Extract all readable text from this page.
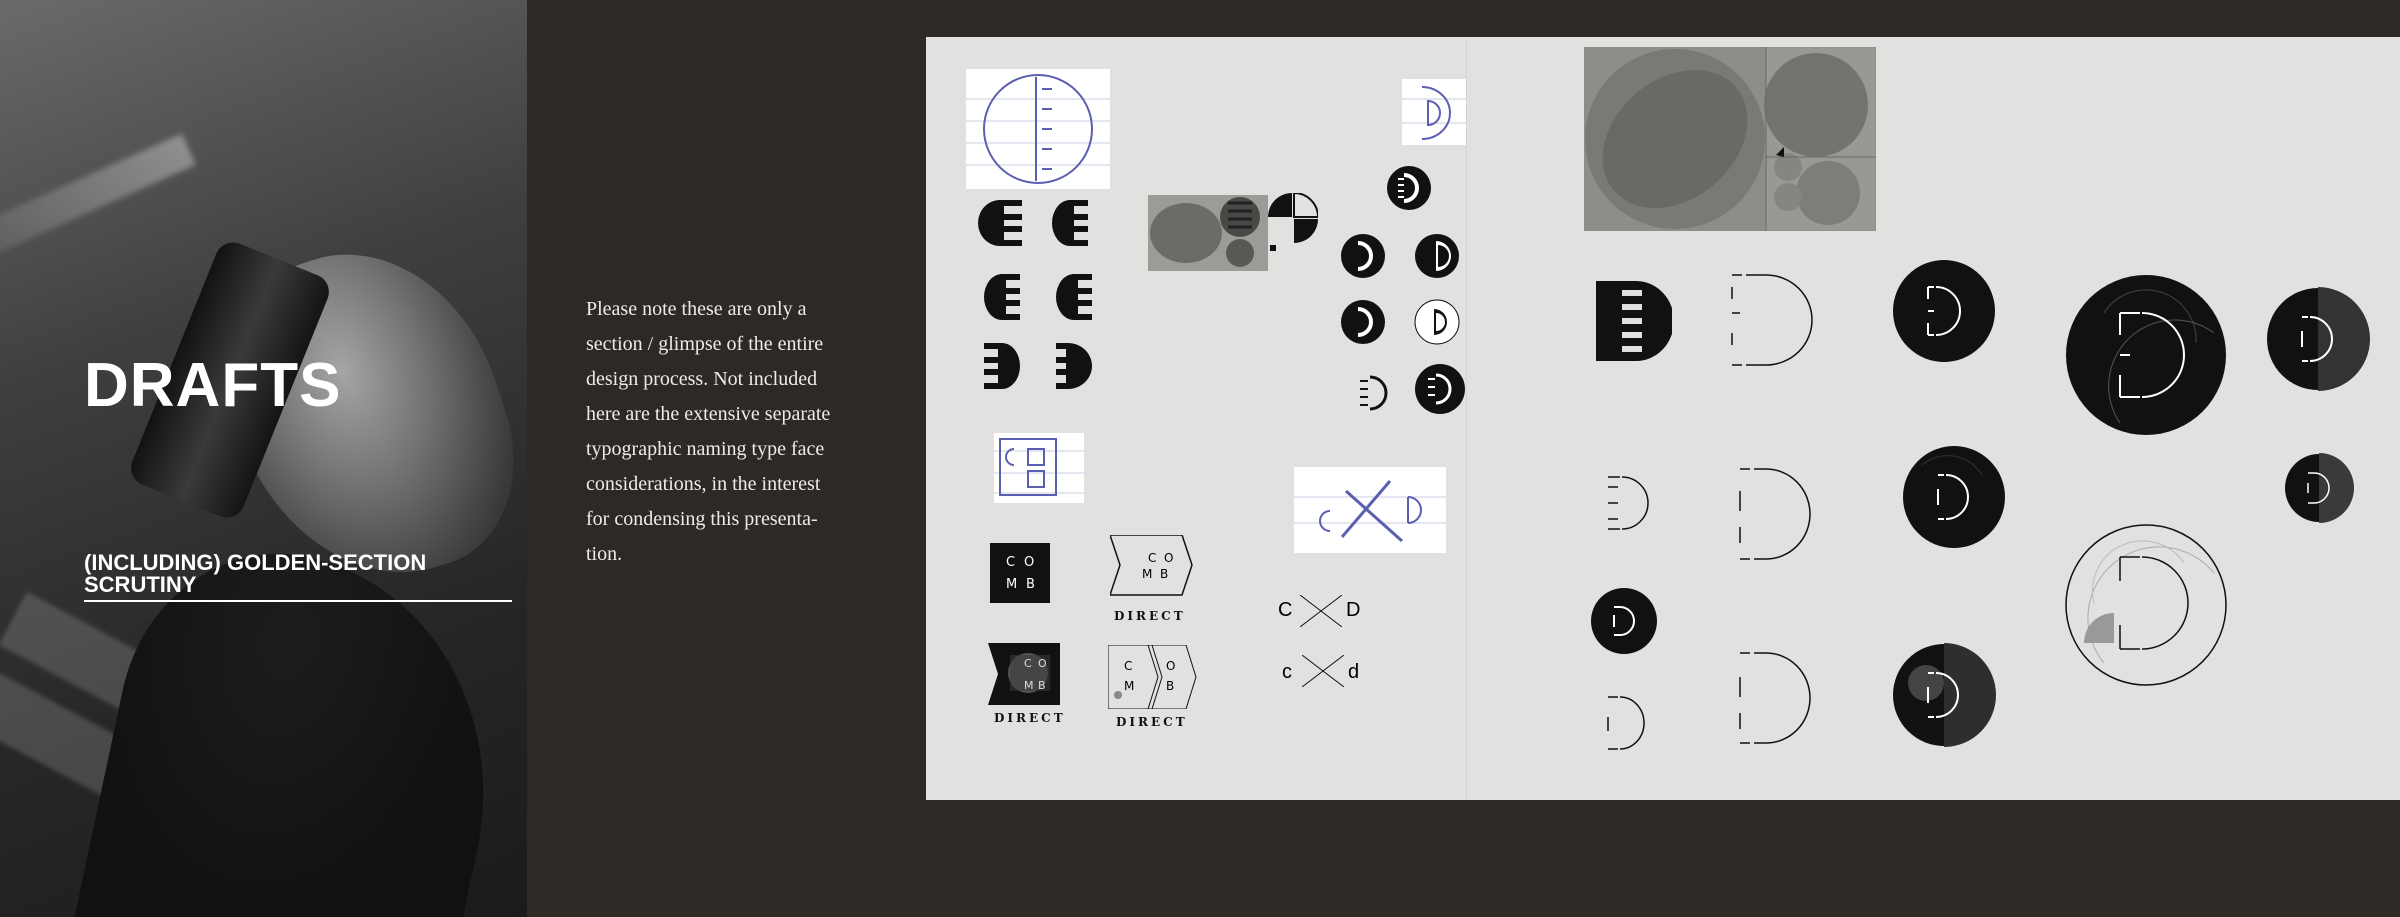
DRAFTS
(INCLUDING) GOLDEN-SECTION SCRUTINY

Please note these are only a section / glimpse of the entire design process. Not included here are the extensive separate typographic naming type face considerations, in the interest for condensing this presenta-tion.	C O
M B
C O
M B
DIRECT	C	D
c	d
C O
M B
DIRECT
C	O
M	B
DIRECT
